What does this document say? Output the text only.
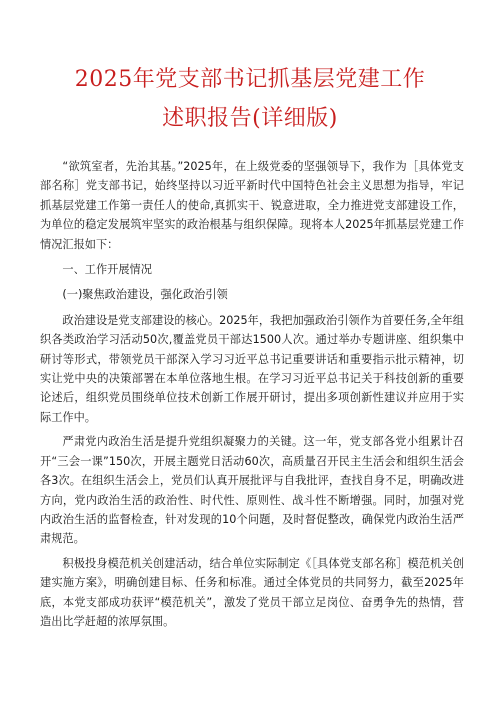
2025年党支部书记抓基层党建工作
述职报告(详细版)

“欲筑室者，先治其基。”2025年，在上级党委的坚强领导下，我作为［具体党支部名称］党支部书记，始终坚持以习近平新时代中国特色社会主义思想为指导，牢记抓基层党建工作第一责任人的使命,真抓实干、锐意进取，全力推进党支部建设工作，为单位的稳定发展筑牢坚实的政治根基与组织保障。现将本人2025年抓基层党建工作情况汇报如下：

一、工作开展情况
(一)聚焦政治建设，强化政治引领

政治建设是党支部建设的核心。2025年，我把加强政治引领作为首要任务,全年组织各类政治学习活动50次,覆盖党员干部达1500人次。通过举办专题讲座、组织集中研讨等形式，带领党员干部深入学习习近平总书记重要讲话和重要指示批示精神，切实让党中央的决策部署在本单位落地生根。在学习习近平总书记关于科技创新的重要论述后，组织党员围绕单位技术创新工作展开研讨，提出多项创新性建议并应用于实际工作中。

严肃党内政治生活是提升党组织凝聚力的关键。这一年，党支部各党小组累计召开“三会一课”150次，开展主题党日活动60次，高质量召开民主生活会和组织生活会各3次。在组织生活会上，党员们认真开展批评与自我批评，查找自身不足，明确改进方向，党内政治生活的政治性、时代性、原则性、战斗性不断增强。同时，加强对党内政治生活的监督检查，针对发现的10个问题，及时督促整改，确保党内政治生活严肃规范。

积极投身模范机关创建活动，结合单位实际制定《［具体党支部名称］模范机关创建实施方案》，明确创建目标、任务和标准。通过全体党员的共同努力，截至2025年底，本党支部成功获评“模范机关”，激发了党员干部立足岗位、奋勇争先的热情，营造出比学赶超的浓厚氛围。
